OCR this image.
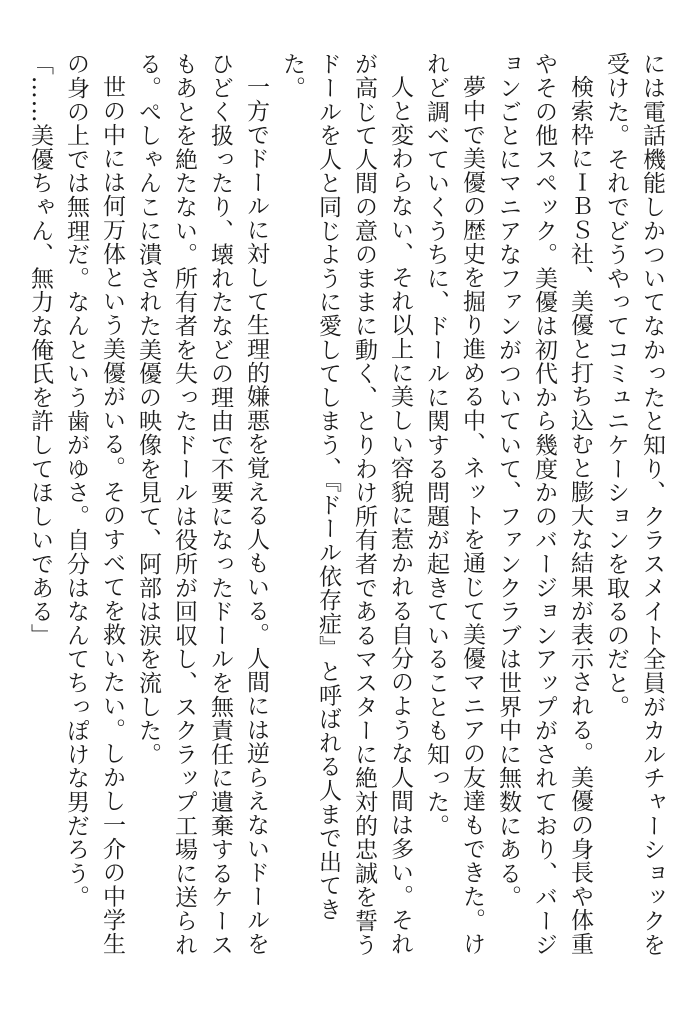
には電話機能しかついてなかったと知り、クラスメイト全員がカルチャーショックを受けた。それでどうやってコミュニケーションを取るのだと。

検索枠にＩＢＳ社、美優と打ち込むと膨大な結果が表示される。美優の身長や体重やその他スペック。美優は初代から幾度かのバージョンアップがされており、バージョンごとにマニアなファンがついていて、ファンクラブは世界中に無数にある。

夢中で美優の歴史を掘り進める中、ネットを通じて美優マニアの友達もできた。けれど調べていくうちに、ドールに関する問題が起きていることも知った。

人と変わらない、それ以上に美しい容貌に惹かれる自分のような人間は多い。それが高じて人間の意のままに動く、とりわけ所有者であるマスターに絶対的忠誠を誓うドールを人と同じように愛してしまう、『ドール依存症』と呼ばれる人まで出てきた。

一方でドールに対して生理的嫌悪を覚える人もいる。人間には逆らえないドールをひどく扱ったり、壊れたなどの理由で不要になったドールを無責任に遺棄するケースもあとを絶たない。所有者を失ったドールは役所が回収し、スクラップ工場に送られる。ぺしゃんこに潰された美優の映像を見て、阿部は涙を流した。

世の中には何万体という美優がいる。そのすべてを救いたい。しかし一介の中学生の身の上では無理だ。なんという歯がゆさ。自分はなんてちっぽけな男だろう。

「……美優ちゃん、無力な俺氏を許してほしいである」
